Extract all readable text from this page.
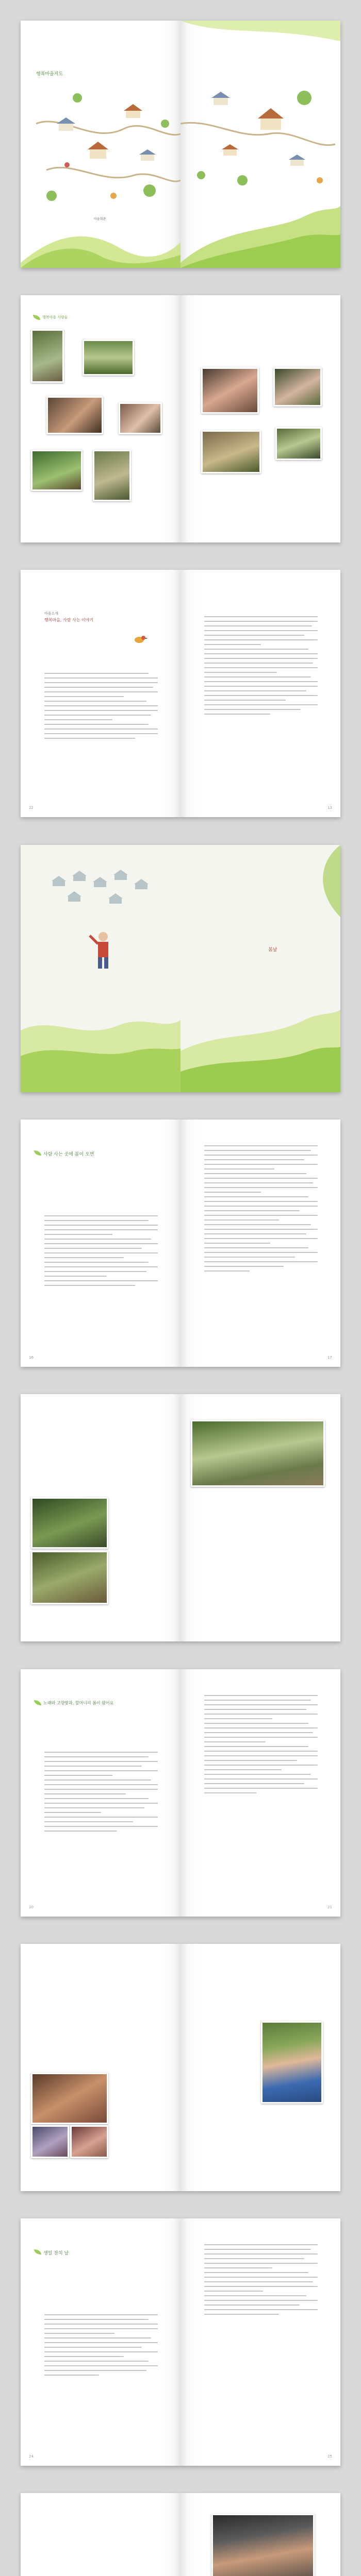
행복마을지도
마을회관
행복마을 사람들
마을소개
행복마을, 사람 사는 이야기
12	13
봄날
사람 사는 곳에 봄이 오면
16	17
노래와 고향땅과, 할머니의 봄이 왔어요
20	21
생일 잔치 날
24	25
